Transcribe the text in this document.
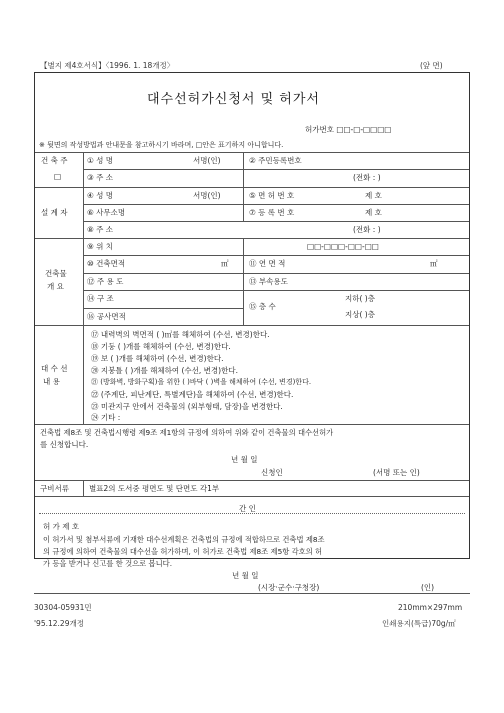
【별지 제4호서식】〈1996. 1. 18개정〉	(앞 면)
대수선허가신청서 및 허가서
허가번호 □□-□-□□□□
※ 뒷면의 작성방법과 안내문을 참고하시기 바라며, □안은 표기하지 아니합니다.
건 축 주
□
① 성 명	서명(인)	② 주민등록번호
③ 주 소	(전화 : )
설 계 자
④ 성 명	서명(인)	⑤ 면 허 번 호	제 호
⑥ 사무소명	⑦ 등 록 번 호	제 호
⑧ 주 소	(전화 : )
건축물
개 요
⑨ 위 치	□□-□□□-□□-□□
⑩ 건축면적	㎡	⑪ 연 면 적	㎡
⑫ 주 용 도	⑬ 부속용도
⑭ 구 조
⑮ 층 수
지하( )층
지상( )층
⑯ 공사면적
대 수 선
내 용
⑰ 내력벽의 벽면적 ( )㎡를 해체하여 (수선, 변경)한다.
⑱ 기둥 ( )개를 해체하여 (수선, 변경)한다.
⑲ 보 ( )개를 해체하여 (수선, 변경)한다.
⑳ 지붕틀 ( )개를 해체하여 (수선, 변경)한다.
㉑ (방화벽, 방화구획)을 위한 ( )바닥 ( )벽을 해체하여 (수선, 변경)한다.
㉒ (주계단, 피난계단, 특별계단)을 해체하여 (수선, 변경)한다.
㉓ 미관지구 안에서 건축물의 (외부형태, 담장)을 변경한다.
㉔ 기타 :
건축법 제8조 및 건축법시행령 제9조 제1항의 규정에 의하여 위와 같이 건축물의 대수선허가
를 신청합니다.
년 월 일
신청인	(서명 또는 인)
구비서류	별표2의 도서중 평면도 및 단면도 각1부
간 인
허 가 제 호
이 허가서 및 첨부서류에 기재한 대수선계획은 건축법의 규정에 적합하므로 건축법 제8조
의 규정에 의하여 건축물의 대수선을 허가하며, 이 허가로 건축법 제8조 제5항 각호의 허
가 등을 받거나 신고를 한 것으로 봅니다.
년 월 일
(시장·군수·구청장)	(인)
30304-05931민	210mm×297mm
'95.12.29개정	인쇄용지(특급)70g/㎡
